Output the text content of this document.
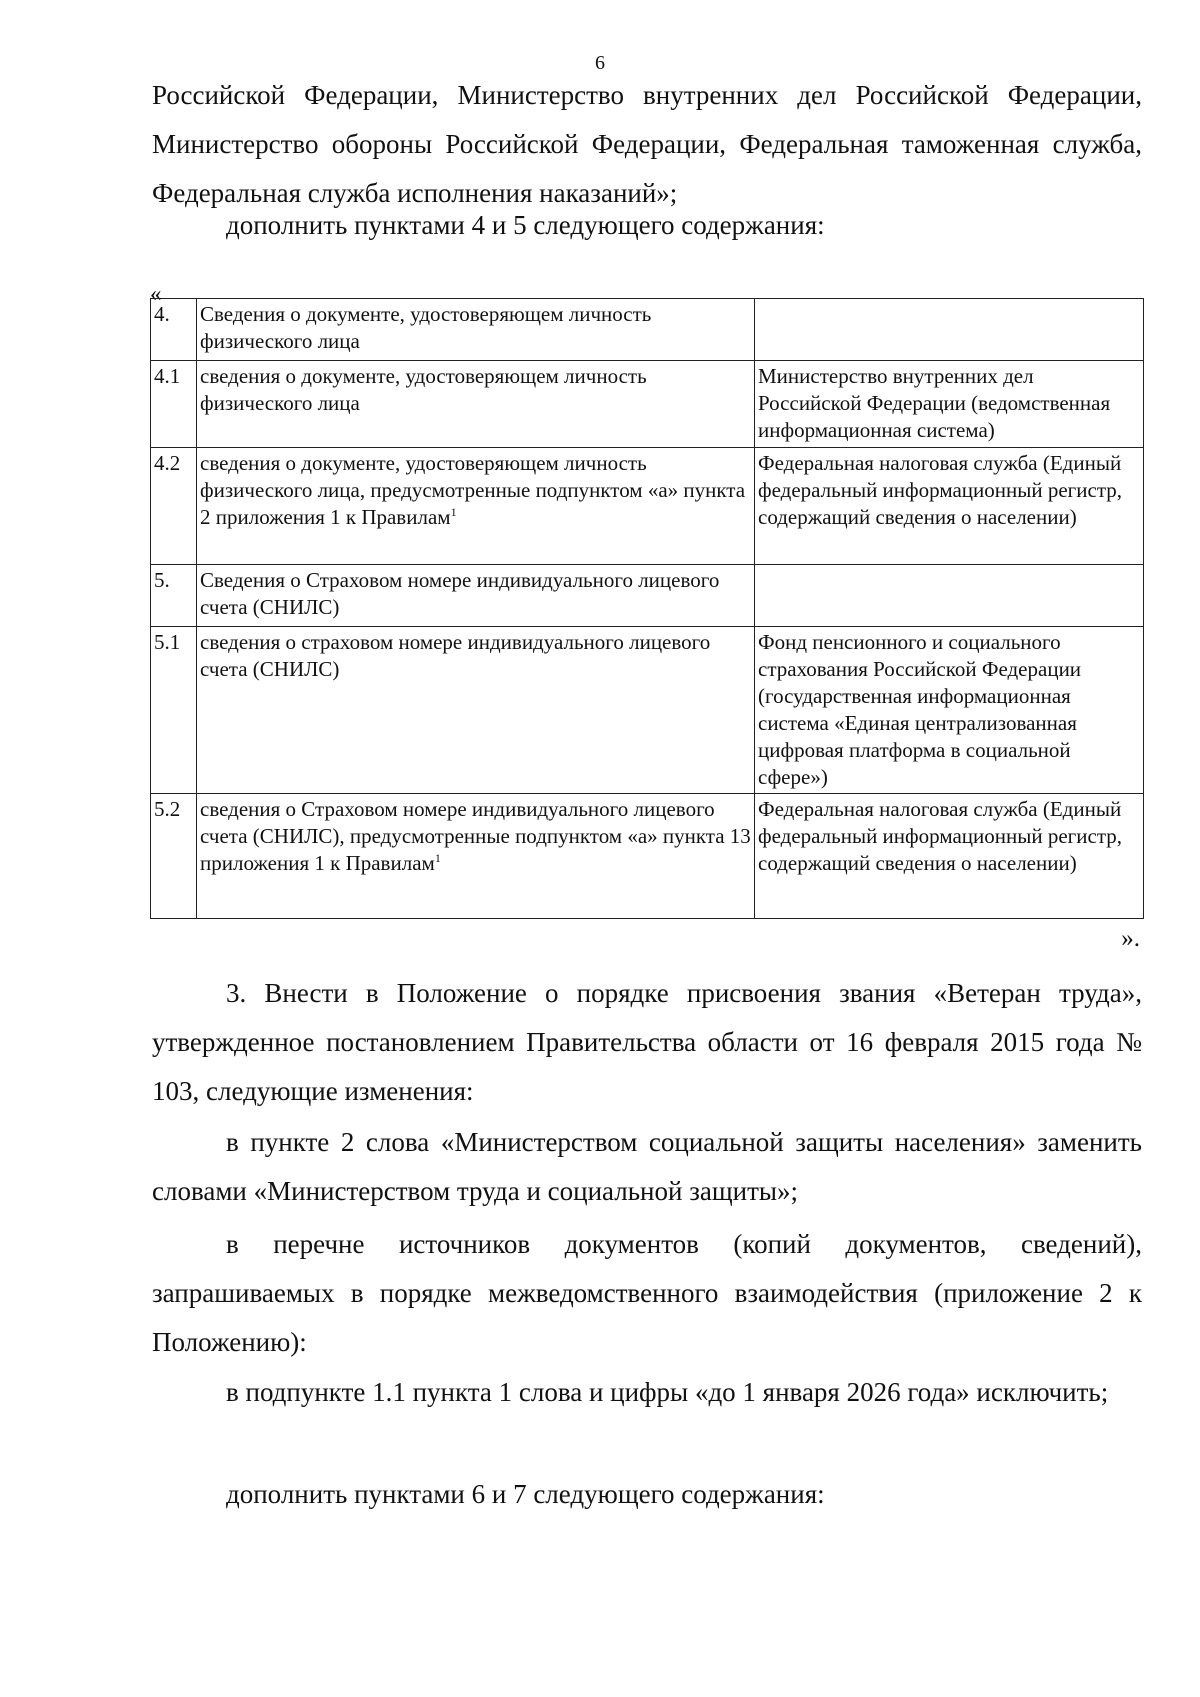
6

Российской Федерации, Министерство внутренних дел Российской Федерации, Министерство обороны Российской Федерации, Федеральная таможенная служба, Федеральная служба исполнения наказаний»;

дополнить пунктами 4 и 5 следующего содержания:

«
4.	Сведения о документе, удостоверяющем личность физического лица	
4.1	сведения о документе, удостоверяющем личность физического лица	Министерство внутренних дел Российской Федерации (ведомственная информационная система)
4.2	сведения о документе, удостоверяющем личность физического лица, предусмотренные подпунктом «а» пункта 2 приложения 1 к Правилам$^1$	Федеральная налоговая служба (Единый федеральный информационный регистр, содержащий сведения о населении)
5.	Сведения о Страховом номере индивидуального лицевого счета (СНИЛС)	
5.1	сведения о страховом номере индивидуального лицевого счета (СНИЛС)	Фонд пенсионного и социального страхования Российской Федерации (государственная информационная система «Единая централизованная цифровая платформа в социальной сфере»)
5.2	сведения о Страховом номере индивидуального лицевого счета (СНИЛС), предусмотренные подпунктом «а» пункта 13 приложения 1 к Правилам$^1$	Федеральная налоговая служба (Единый федеральный информационный регистр, содержащий сведения о населении)
».

3. Внести в Положение о порядке присвоения звания «Ветеран труда», утвержденное постановлением Правительства области от 16 февраля 2015 года № 103, следующие изменения:

в пункте 2 слова «Министерством социальной защиты населения» заменить словами «Министерством труда и социальной защиты»;

в перечне источников документов (копий документов, сведений), запрашиваемых в порядке межведомственного взаимодействия (приложение 2 к Положению):

в подпункте 1.1 пункта 1 слова и цифры «до 1 января 2026 года» исключить;

дополнить пунктами 6 и 7 следующего содержания:
